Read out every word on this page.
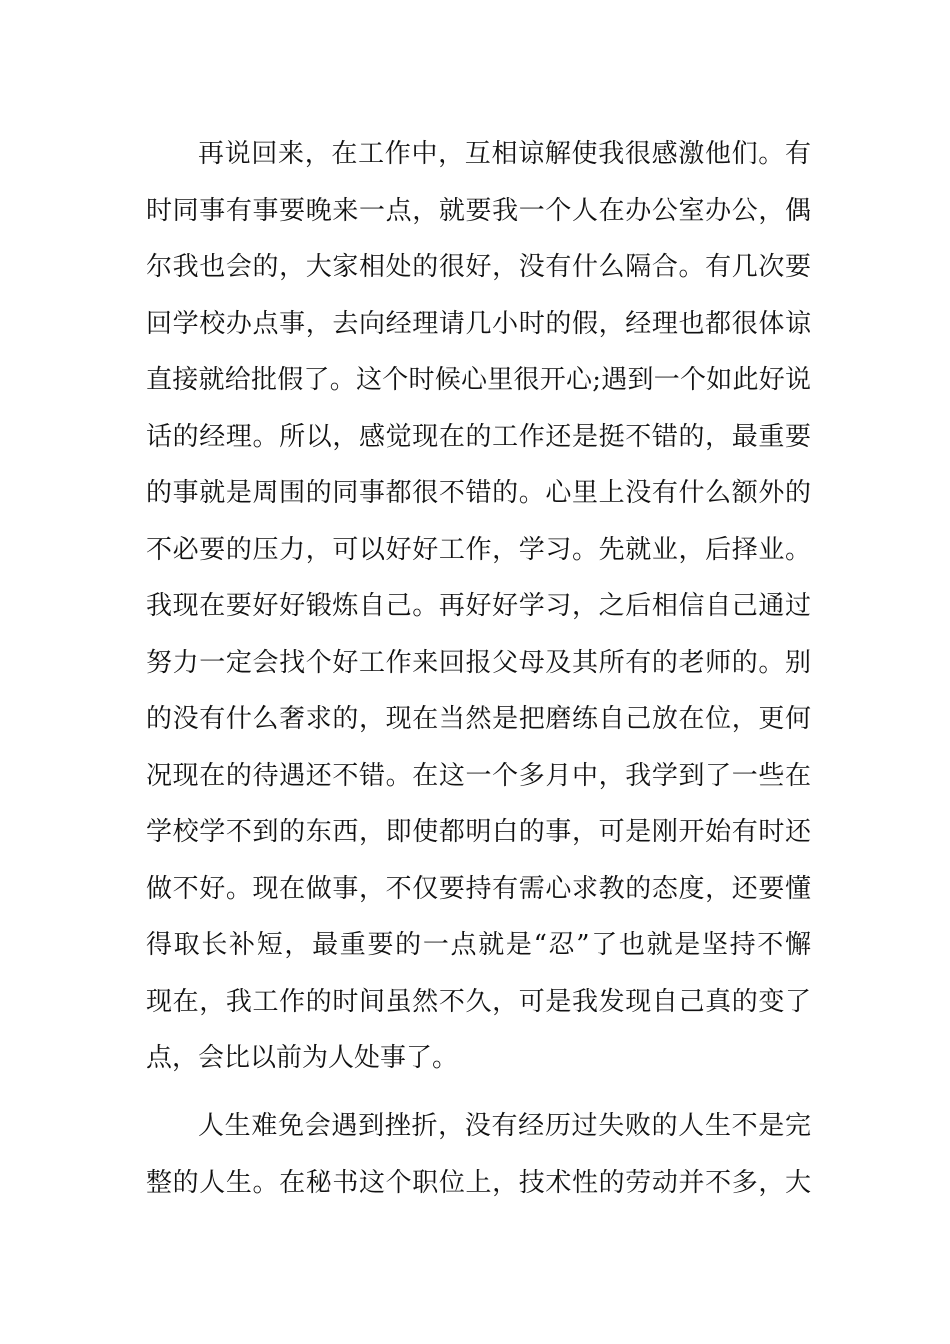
再说回来，在工作中，互相谅解使我很感激他们。有
时同事有事要晚来一点，就要我一个人在办公室办公，偶
尔我也会的，大家相处的很好，没有什么隔合。有几次要
回学校办点事，去向经理请几小时的假，经理也都很体谅
直接就给批假了。这个时候心里很开心;遇到一个如此好说
话的经理。所以，感觉现在的工作还是挺不错的，最重要
的事就是周围的同事都很不错的。心里上没有什么额外的
不必要的压力，可以好好工作，学习。先就业，后择业。
我现在要好好锻炼自己。再好好学习，之后相信自己通过
努力一定会找个好工作来回报父母及其所有的老师的。别
的没有什么奢求的，现在当然是把磨练自己放在位，更何
况现在的待遇还不错。在这一个多月中，我学到了一些在
学校学不到的东西，即使都明白的事，可是刚开始有时还
做不好。现在做事，不仅要持有需心求教的态度，还要懂
得取长补短，最重要的一点就是“忍”了也就是坚持不懈
现在，我工作的时间虽然不久，可是我发现自己真的变了
点，会比以前为人处事了。
人生难免会遇到挫折，没有经历过失败的人生不是完
整的人生。在秘书这个职位上，技术性的劳动并不多，大
